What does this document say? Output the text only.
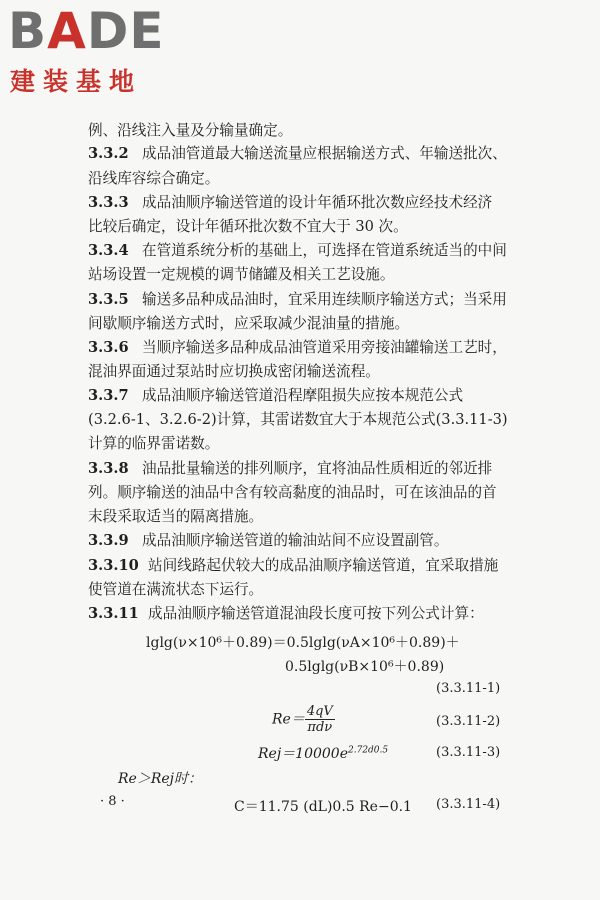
BADE
建装基地
例、沿线注入量及分输量确定。
3.3.2 成品油管道最大输送流量应根据输送方式、年输送批次、
沿线库容综合确定。
3.3.3 成品油顺序输送管道的设计年循环批次数应经技术经济
比较后确定，设计年循环批次数不宜大于 30 次。
3.3.4 在管道系统分析的基础上，可选择在管道系统适当的中间
站场设置一定规模的调节储罐及相关工艺设施。
3.3.5 输送多品种成品油时，宜采用连续顺序输送方式；当采用
间歇顺序输送方式时，应采取减少混油量的措施。
3.3.6 当顺序输送多品种成品油管道采用旁接油罐输送工艺时，
混油界面通过泵站时应切换成密闭输送流程。
3.3.7 成品油顺序输送管道沿程摩阻损失应按本规范公式
(3.2.6-1、3.2.6-2)计算，其雷诺数宜大于本规范公式(3.3.11-3)
计算的临界雷诺数。
3.3.8 油品批量输送的排列顺序，宜将油品性质相近的邻近排
列。顺序输送的油品中含有较高黏度的油品时，可在该油品的首
末段采取适当的隔离措施。
3.3.9 成品油顺序输送管道的输油站间不应设置副管。
3.3.10 站间线路起伏较大的成品油顺序输送管道，宜采取措施
使管道在满流状态下运行。
3.3.11 成品油顺序输送管道混油段长度可按下列公式计算：
lglg(ν×10⁶＋0.89)＝0.5lglg(νA×10⁶＋0.89)＋
0.5lglg(νB×10⁶＋0.89)
(3.3.11-1)
$Re= \frac{4qV}{\text{πdν}}$	(3.3.11-2)
$Rej=10000e^{2.72d0.5}$	(3.3.11-3)
Re＞Rej时：
C＝11.75 (dL)0.5 Re−0.1 (3.3.11-4)
· 8 ·
